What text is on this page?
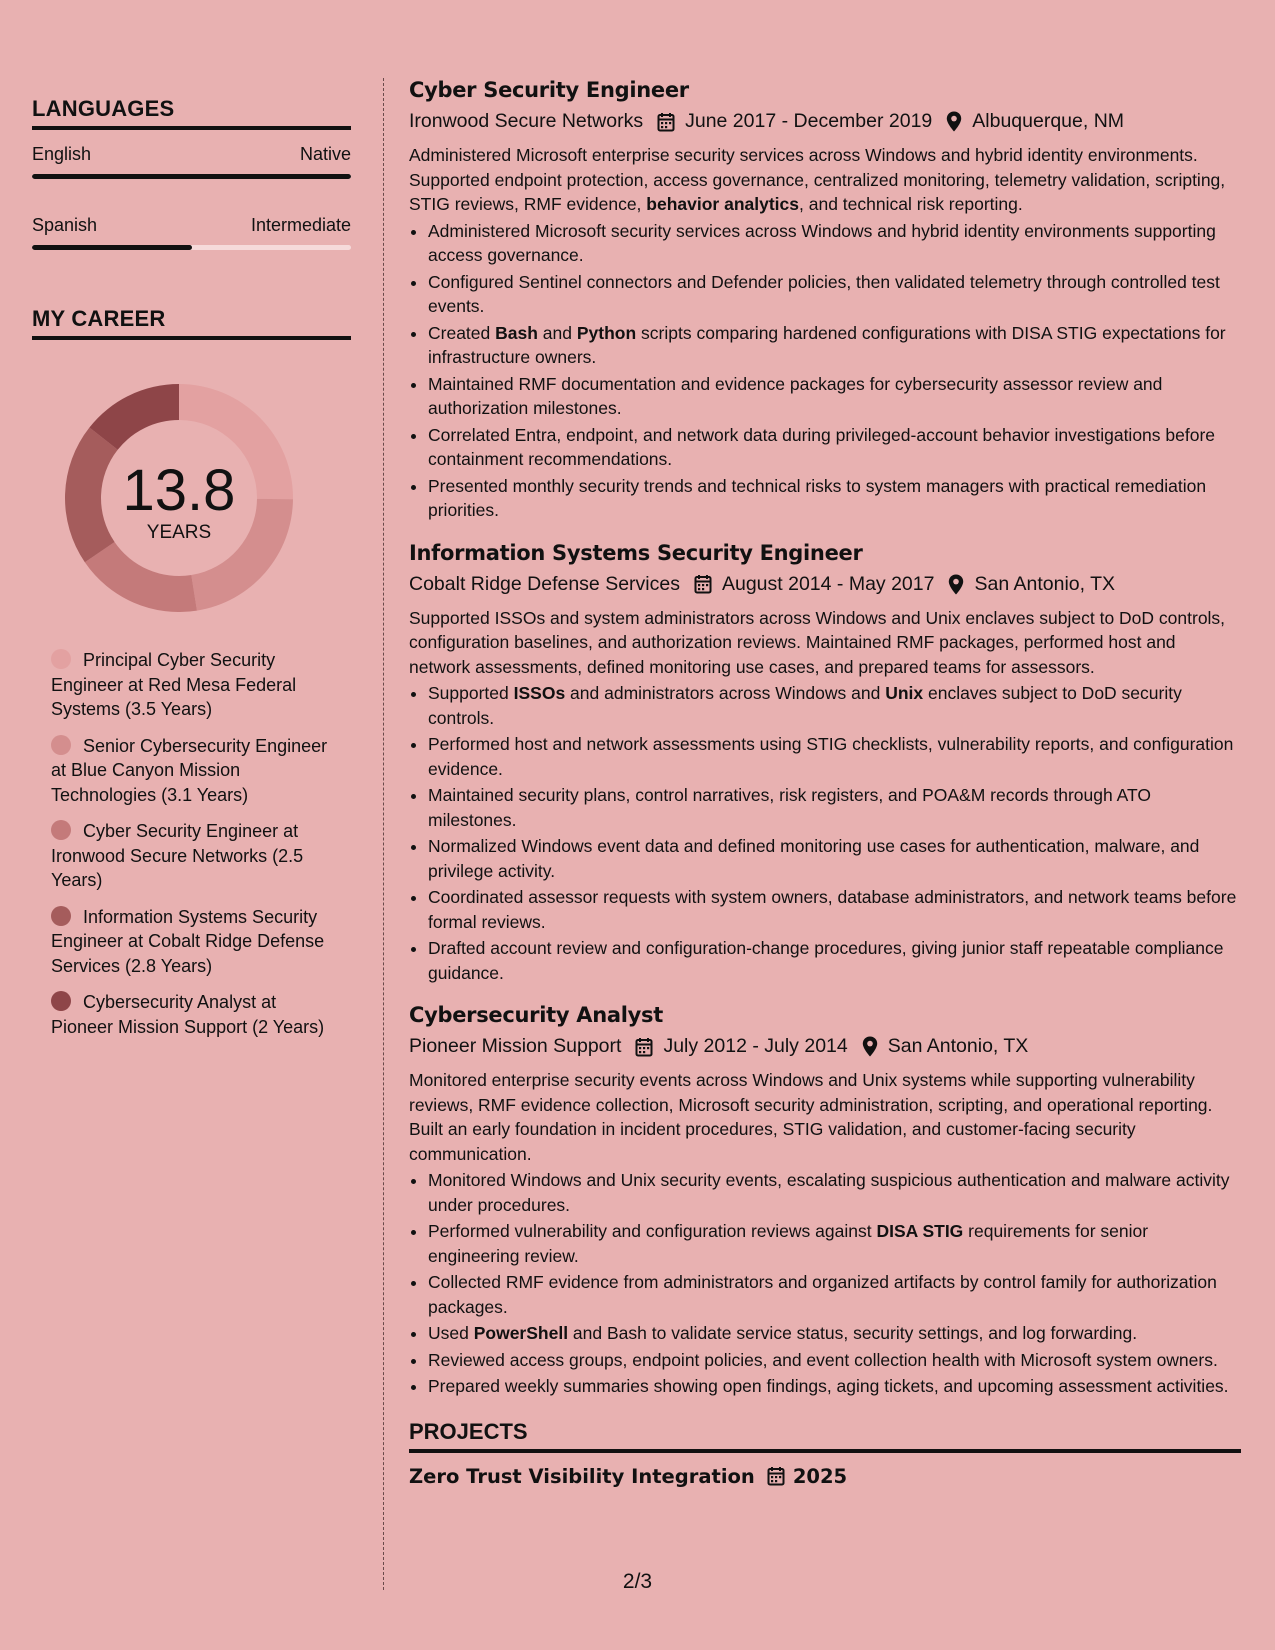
LANGUAGES
English	Native
Spanish	Intermediate
MY CAREER
13.8
YEARS
Principal Cyber Security Engineer at Red Mesa Federal Systems (3.5 Years)
Senior Cybersecurity Engineer at Blue Canyon Mission Technologies (3.1 Years)
Cyber Security Engineer at Ironwood Secure Networks (2.5 Years)
Information Systems Security Engineer at Cobalt Ridge Defense Services (2.8 Years)
Cybersecurity Analyst at Pioneer Mission Support (2 Years)
Cyber Security Engineer
Ironwood Secure Networks June 2017 - December 2019 Albuquerque, NM

Administered Microsoft enterprise security services across Windows and hybrid identity environments. Supported endpoint protection, access governance, centralized monitoring, telemetry validation, scripting, STIG reviews, RMF evidence, behavior analytics, and technical risk reporting.

• Administered Microsoft security services across Windows and hybrid identity environments supporting access governance.
• Configured Sentinel connectors and Defender policies, then validated telemetry through controlled test events.
• Created Bash and Python scripts comparing hardened configurations with DISA STIG expectations for infrastructure owners.
• Maintained RMF documentation and evidence packages for cybersecurity assessor review and authorization milestones.
• Correlated Entra, endpoint, and network data during privileged-account behavior investigations before containment recommendations.
• Presented monthly security trends and technical risks to system managers with practical remediation priorities.
Information Systems Security Engineer
Cobalt Ridge Defense Services August 2014 - May 2017 San Antonio, TX

Supported ISSOs and system administrators across Windows and Unix enclaves subject to DoD controls, configuration baselines, and authorization reviews. Maintained RMF packages, performed host and network assessments, defined monitoring use cases, and prepared teams for assessors.

• Supported ISSOs and administrators across Windows and Unix enclaves subject to DoD security controls.
• Performed host and network assessments using STIG checklists, vulnerability reports, and configuration evidence.
• Maintained security plans, control narratives, risk registers, and POA&M records through ATO milestones.
• Normalized Windows event data and defined monitoring use cases for authentication, malware, and privilege activity.
• Coordinated assessor requests with system owners, database administrators, and network teams before formal reviews.
• Drafted account review and configuration-change procedures, giving junior staff repeatable compliance guidance.
Cybersecurity Analyst
Pioneer Mission Support July 2012 - July 2014 San Antonio, TX

Monitored enterprise security events across Windows and Unix systems while supporting vulnerability reviews, RMF evidence collection, Microsoft security administration, scripting, and operational reporting. Built an early foundation in incident procedures, STIG validation, and customer-facing security communication.

• Monitored Windows and Unix security events, escalating suspicious authentication and malware activity under procedures.
• Performed vulnerability and configuration reviews against DISA STIG requirements for senior engineering review.
• Collected RMF evidence from administrators and organized artifacts by control family for authorization packages.
• Used PowerShell and Bash to validate service status, security settings, and log forwarding.
• Reviewed access groups, endpoint policies, and event collection health with Microsoft system owners.
• Prepared weekly summaries showing open findings, aging tickets, and upcoming assessment activities.
PROJECTS
Zero Trust Visibility Integration 2025
2/3
